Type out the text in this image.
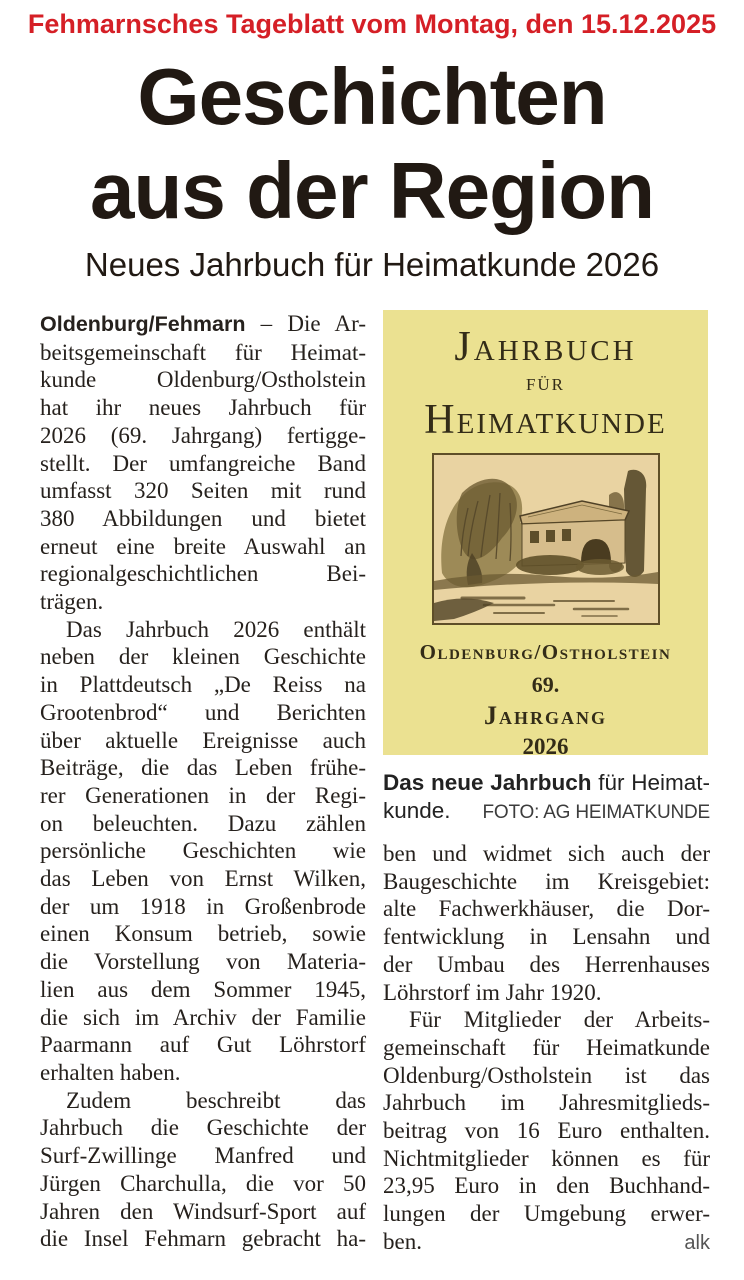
Fehmarnsches Tageblatt vom Montag, den 15.12.2025
Geschichten
aus der Region
Neues Jahrbuch für Heimatkunde 2026
Oldenburg/Fehmarn – Die Ar-
beitsgemeinschaft für Heimat-
kunde Oldenburg/Ostholstein
hat ihr neues Jahrbuch für
2026 (69. Jahrgang) fertigge-
stellt. Der umfangreiche Band
umfasst 320 Seiten mit rund
380 Abbildungen und bietet
erneut eine breite Auswahl an
regionalgeschichtlichen Bei-
trägen.
Das Jahrbuch 2026 enthält
neben der kleinen Geschichte
in Plattdeutsch „De Reiss na
Grootenbrod“ und Berichten
über aktuelle Ereignisse auch
Beiträge, die das Leben frühe-
rer Generationen in der Regi-
on beleuchten. Dazu zählen
persönliche Geschichten wie
das Leben von Ernst Wilken,
der um 1918 in Großenbrode
einen Konsum betrieb, sowie
die Vorstellung von Materia-
lien aus dem Sommer 1945,
die sich im Archiv der Familie
Paarmann auf Gut Löhrstorf
erhalten haben.
Zudem beschreibt das
Jahrbuch die Geschichte der
Surf-Zwillinge Manfred und
Jürgen Charchulla, die vor 50
Jahren den Windsurf-Sport auf
die Insel Fehmarn gebracht ha-
Jahrbuch
für
Heimatkunde
Oldenburg/Ostholstein
69.
Jahrgang
2026
Das neue Jahrbuch für Heimat-
kunde. FOTO: AG HEIMATKUNDE
ben und widmet sich auch der
Baugeschichte im Kreisgebiet:
alte Fachwerkhäuser, die Dor-
fentwicklung in Lensahn und
der Umbau des Herrenhauses
Löhrstorf im Jahr 1920.
Für Mitglieder der Arbeits-
gemeinschaft für Heimatkunde
Oldenburg/Ostholstein ist das
Jahrbuch im Jahresmitglieds-
beitrag von 16 Euro enthalten.
Nichtmitglieder können es für
23,95 Euro in den Buchhand-
lungen der Umgebung erwer-
ben.	alk
